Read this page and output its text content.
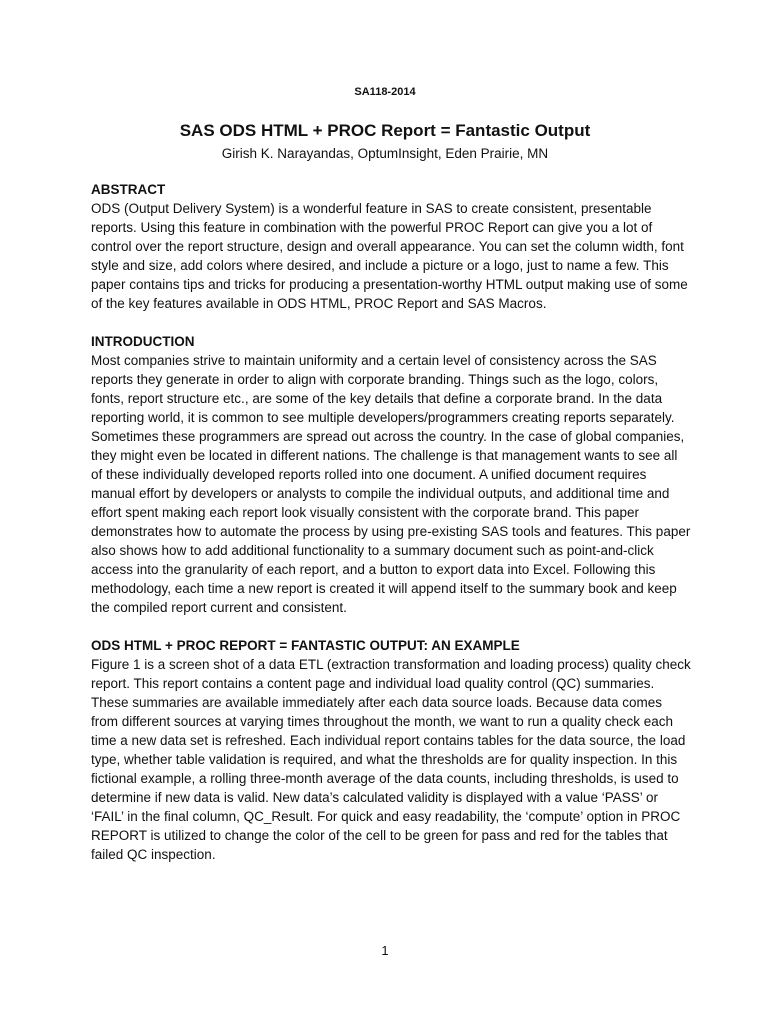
SA118-2014
SAS ODS HTML + PROC Report = Fantastic Output
Girish K. Narayandas, OptumInsight, Eden Prairie, MN
ABSTRACT

ODS (Output Delivery System) is a wonderful feature in SAS to create consistent, presentable reports. Using this feature in combination with the powerful PROC Report can give you a lot of control over the report structure, design and overall appearance. You can set the column width, font style and size, add colors where desired, and include a picture or a logo, just to name a few. This paper contains tips and tricks for producing a presentation-worthy HTML output making use of some of the key features available in ODS HTML, PROC Report and SAS Macros.

INTRODUCTION

Most companies strive to maintain uniformity and a certain level of consistency across the SAS reports they generate in order to align with corporate branding. Things such as the logo, colors, fonts, report structure etc., are some of the key details that define a corporate brand. In the data reporting world, it is common to see multiple developers/programmers creating reports separately. Sometimes these programmers are spread out across the country. In the case of global companies, they might even be located in different nations. The challenge is that management wants to see all of these individually developed reports rolled into one document. A unified document requires manual effort by developers or analysts to compile the individual outputs, and additional time and effort spent making each report look visually consistent with the corporate brand. This paper demonstrates how to automate the process by using pre-existing SAS tools and features. This paper also shows how to add additional functionality to a summary document such as point-and-click access into the granularity of each report, and a button to export data into Excel. Following this methodology, each time a new report is created it will append itself to the summary book and keep the compiled report current and consistent.

ODS HTML + PROC REPORT = FANTASTIC OUTPUT: AN EXAMPLE

Figure 1 is a screen shot of a data ETL (extraction transformation and loading process) quality check report. This report contains a content page and individual load quality control (QC) summaries. These summaries are available immediately after each data source loads. Because data comes from different sources at varying times throughout the month, we want to run a quality check each time a new data set is refreshed. Each individual report contains tables for the data source, the load type, whether table validation is required, and what the thresholds are for quality inspection. In this fictional example, a rolling three-month average of the data counts, including thresholds, is used to determine if new data is valid. New data’s calculated validity is displayed with a value ‘PASS’ or ‘FAIL’ in the final column, QC_Result. For quick and easy readability, the ‘compute’ option in PROC REPORT is utilized to change the color of the cell to be green for pass and red for the tables that failed QC inspection.

1
